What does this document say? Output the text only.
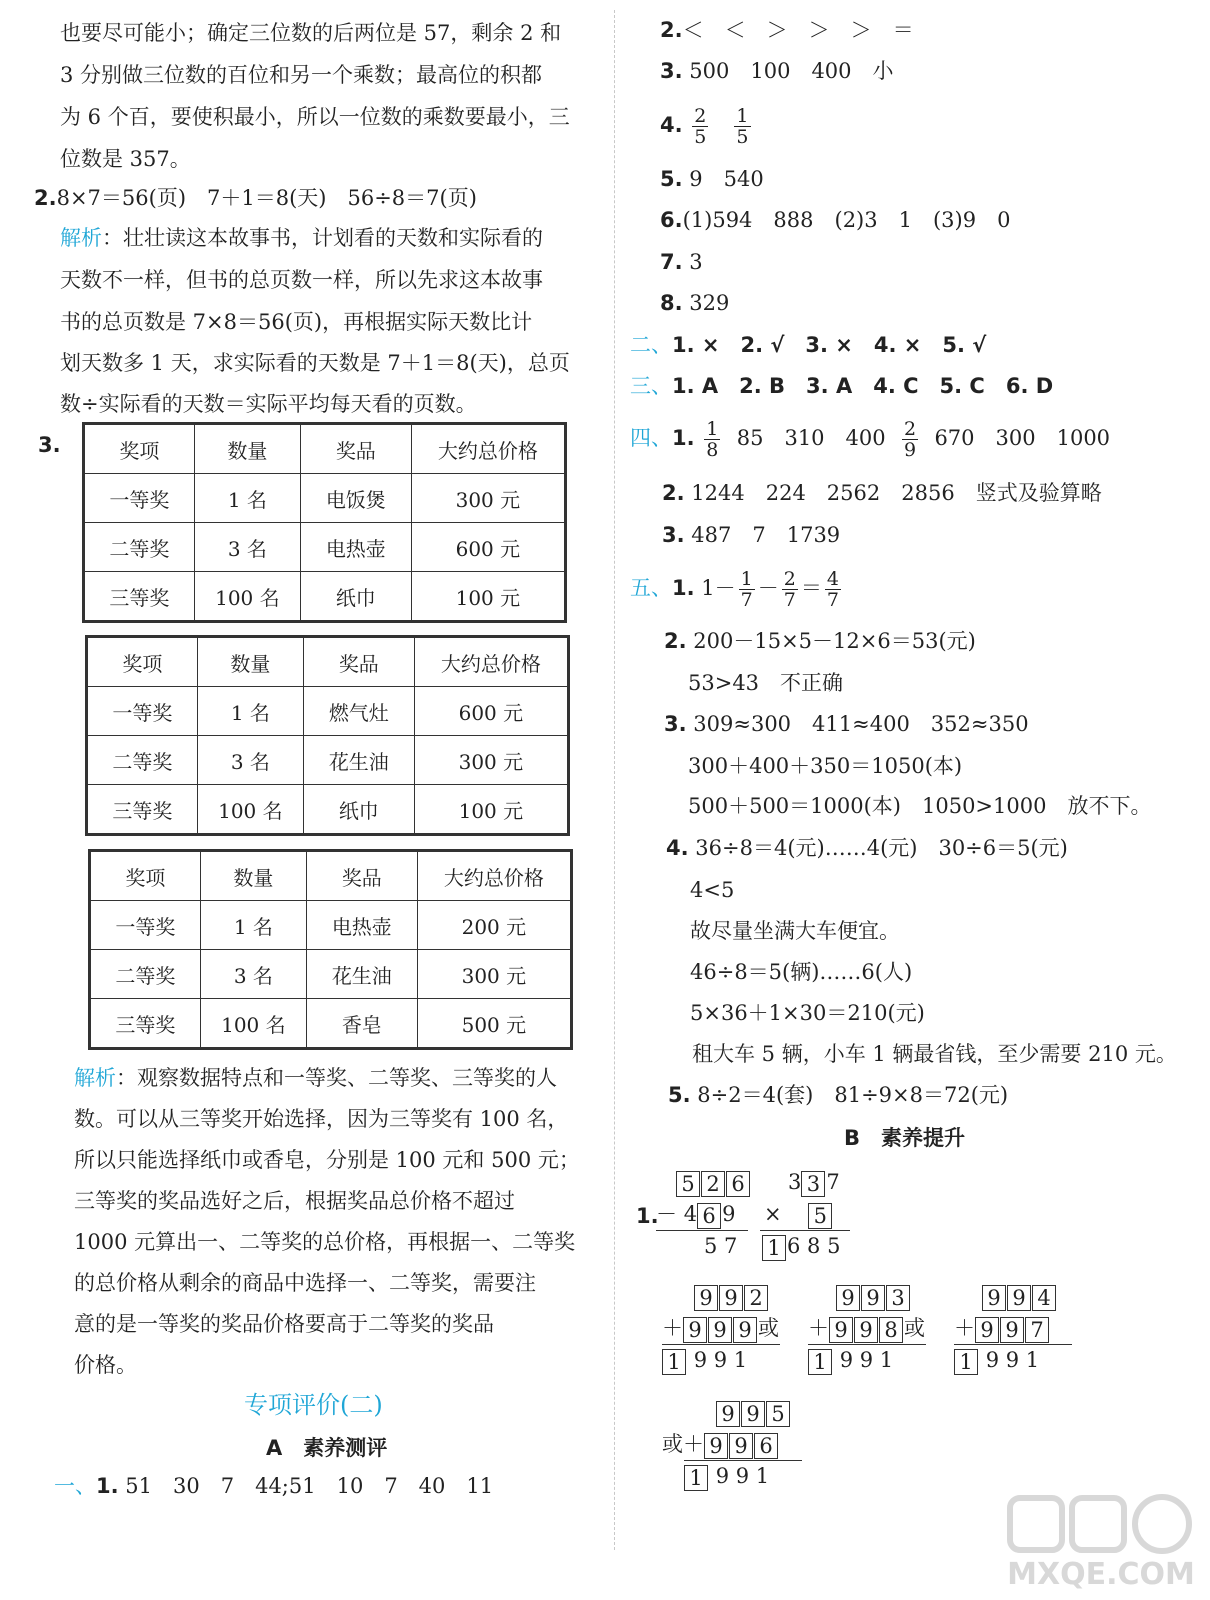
也要尽可能小；确定三位数的后两位是 57，剩余 2 和
3 分别做三位数的百位和另一个乘数；最高位的积都
为 6 个百，要使积最小，所以一位数的乘数要最小，三
位数是 357。
2.8×7＝56(页)　7＋1＝8(天)　56÷8＝7(页)
解析：壮壮读这本故事书，计划看的天数和实际看的
天数不一样，但书的总页数一样，所以先求这本故事
书的总页数是 7×8＝56(页)，再根据实际天数比计
划天数多 1 天，求实际看的天数是 7＋1＝8(天)，总页
数÷实际看的天数＝实际平均每天看的页数。
3.	奖项	数量	奖品	大约总价格
一等奖	1 名	电饭煲	300 元
二等奖	3 名	电热壶	600 元
三等奖	100 名	纸巾	100 元
奖项	数量	奖品	大约总价格
一等奖	1 名	燃气灶	600 元
二等奖	3 名	花生油	300 元
三等奖	100 名	纸巾	100 元
奖项	数量	奖品	大约总价格
一等奖	1 名	电热壶	200 元
二等奖	3 名	花生油	300 元
三等奖	100 名	香皂	500 元
解析：观察数据特点和一等奖、二等奖、三等奖的人
数。可以从三等奖开始选择，因为三等奖有 100 名，
所以只能选择纸巾或香皂，分别是 100 元和 500 元；
三等奖的奖品选好之后，根据奖品总价格不超过
1000 元算出一、二等奖的总价格，再根据一、二等奖
的总价格从剩余的商品中选择一、二等奖，需要注
意的是一等奖的奖品价格要高于二等奖的奖品
价格。
专项评价(二)
A　素养测评
一、1. 51　30　7　44;51　10　7　40　11
2.＜　＜　＞　＞　＞　＝
3. 500　100　400　小
4. $\frac{2}{5}$
$\frac{1}{5}$
5. 9　540
6.(1)594　888　(2)3　1　(3)9　0
7. 3
8. 329
二、1. ×　2. √　3. ×　4. ×　5. √
三、1. A　2. B　3. A　4. C　5. C　6. D
四、1. $\frac{1}{8} 85$　310　$400 \frac{2}{9} 670$　300　1000
2. 1244　224　2562　2856　竖式及验算略
3. 487　7　1739
五、1. $1- \frac{1}{7} - \frac{2}{7} = \frac{4}{7}$
2. 200－15×5－12×6＝53(元)
53>43　不正确
3. 309≈300　411≈400　352≈350
300＋400＋350＝1050(本)
500＋500＝1000(本)　1050>1000　放不下。
4. 36÷8＝4(元)……4(元)　30÷6＝5(元)
4<5
故尽量坐满大车便宜。
46÷8＝5(辆)……6(人)
5×36＋1×30＝210(元)
租大车 5 辆，小车 1 辆最省钱，至少需要 210 元。
5. 8÷2＝4(套)　81÷9×8＝72(元)
B　素养提升
1.
5 2 6
－ 4 6 9
5 7
3 3 7
× 5
1 6 8 5
9 9 2
＋ 9 9 9 或
1 9 9 1
9 9 3
＋ 9 9 8 或
1 9 9 1
9 9 4
＋ 9 9 7
1 9 9 1
9 9 5
或＋ 9 9 6
1 9 9 1
MXQE.COM
